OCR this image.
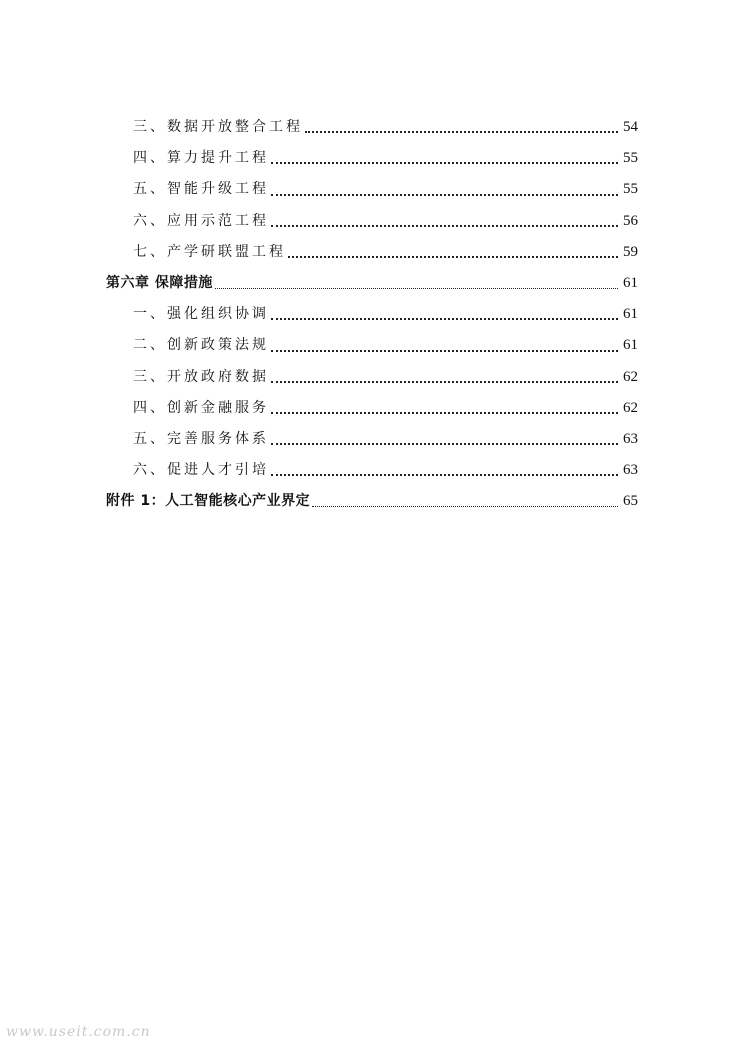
三、数据开放整合工程	54
四、算力提升工程	55
五、智能升级工程	55
六、应用示范工程	56
七、产学研联盟工程	59
第六章 保障措施	61
一、强化组织协调	61
二、创新政策法规	61
三、开放政府数据	62
四、创新金融服务	62
五、完善服务体系	63
六、促进人才引培	63
附件 1：人工智能核心产业界定	65
www.useit.com.cn
